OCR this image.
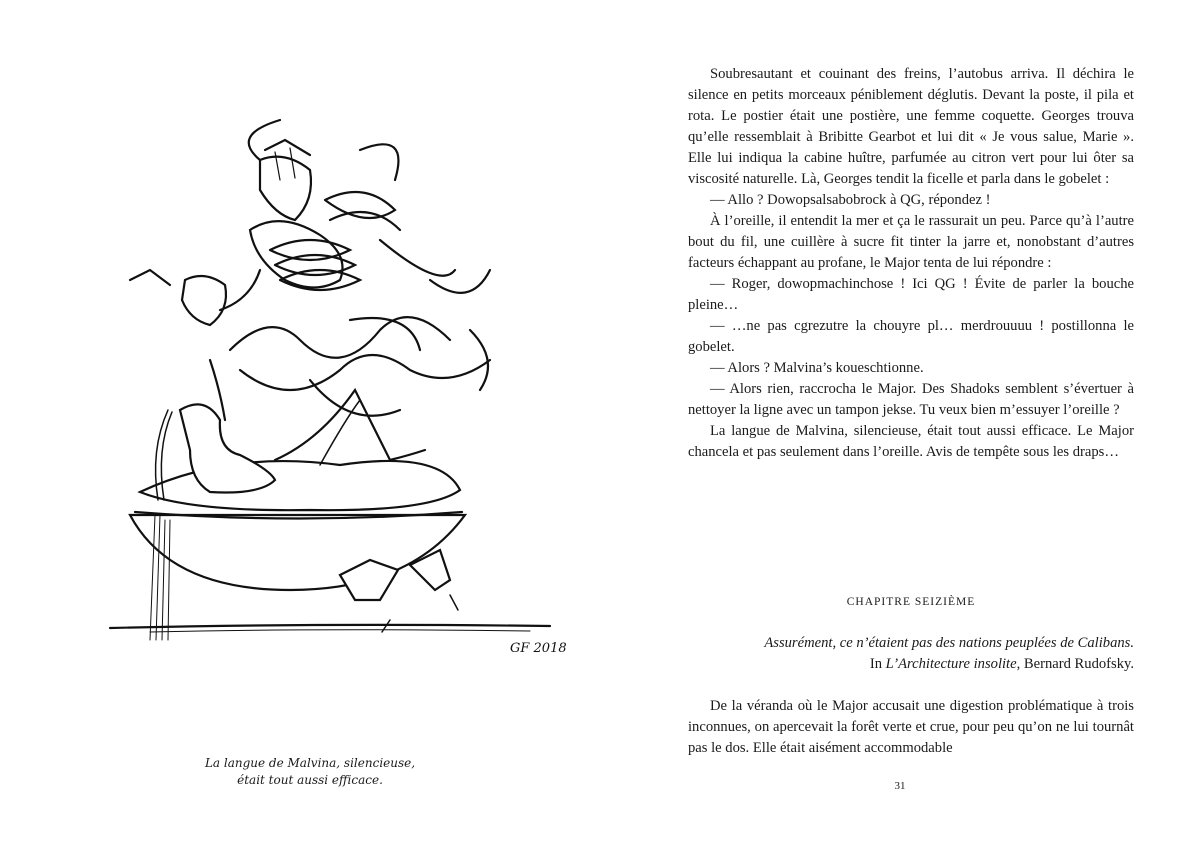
GF 2018
La langue de Malvina, silencieuse,
était tout aussi efficace.

Soubresautant et couinant des freins, l’autobus arriva. Il déchira le silence en petits morceaux péniblement déglutis. Devant la poste, il pila et rota. Le postier était une postière, une femme coquette. Georges trouva qu’elle ressemblait à Bribitte Gearbot et lui dit « Je vous salue, Marie ». Elle lui indiqua la cabine huître, parfumée au citron vert pour lui ôter sa viscosité naturelle. Là, Georges tendit la ficelle et parla dans le gobelet :

— Allo ? Dowopsalsabobrock à QG, répondez !

À l’oreille, il entendit la mer et ça le rassurait un peu. Parce qu’à l’autre bout du fil, une cuillère à sucre fit tinter la jarre et, nonobstant d’autres facteurs échappant au profane, le Major tenta de lui répondre :

— Roger, dowopmachinchose ! Ici QG ! Évite de parler la bouche pleine…

— …ne pas cgrezutre la chouyre pl… merdrouuuu ! postillonna le gobelet.

— Alors ? Malvina’s koueschtionne.

— Alors rien, raccrocha le Major. Des Shadoks semblent s’évertuer à nettoyer la ligne avec un tampon jekse. Tu veux bien m’essuyer l’oreille ?

La langue de Malvina, silencieuse, était tout aussi efficace. Le Major chancela et pas seulement dans l’oreille. Avis de tempête sous les draps…

CHAPITRE SEIZIÈME
Assurément, ce n’étaient pas des nations peuplées de Calibans.
In L’Architecture insolite, Bernard Rudofsky.

De la véranda où le Major accusait une digestion problématique à trois inconnues, on apercevait la forêt verte et crue, pour peu qu’on ne lui tournât pas le dos. Elle était aisément accommodable

31
